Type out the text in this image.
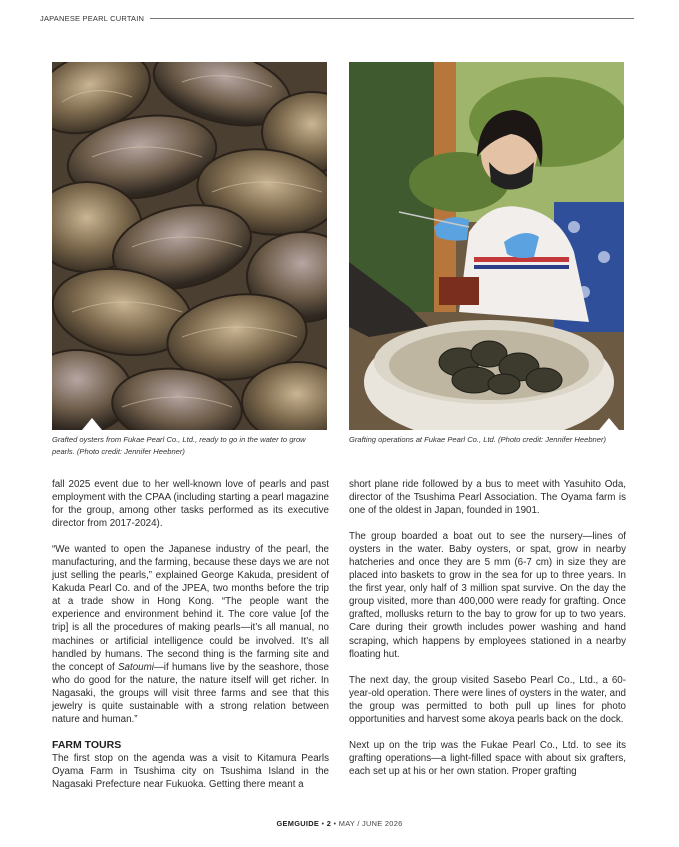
JAPANESE PEARL CURTAIN
Grafted oysters from Fukae Pearl Co., Ltd., ready to go in the water to grow pearls. (Photo credit: Jennifer Heebner)
Grafting operations at Fukae Pearl Co., Ltd. (Photo credit: Jennifer Heebner)

fall 2025 event due to her well-known love of pearls and past employment with the CPAA (including starting a pearl magazine for the group, among other tasks performed as its executive director from 2017-2024).

“We wanted to open the Japanese industry of the pearl, the manufacturing, and the farming, because these days we are not just selling the pearls,” explained George Kakuda, president of Kakuda Pearl Co. and of the JPEA, two months before the trip at a trade show in Hong Kong. “The people want the experience and environment behind it. The core value [of the trip] is all the procedures of making pearls—it’s all manual, no machines or artificial intelligence could be involved. It’s all handled by humans. The second thing is the farming site and the concept of Satoumi—if humans live by the seashore, those who do good for the nature, the nature itself will get richer. In Nagasaki, the groups will visit three farms and see that this jewelry is quite sustainable with a strong relation between nature and human.”

FARM TOURS

The first stop on the agenda was a visit to Kitamura Pearls Oyama Farm in Tsushima city on Tsushima Island in the Nagasaki Prefecture near Fukuoka. Getting there meant a

short plane ride followed by a bus to meet with Yasuhito Oda, director of the Tsushima Pearl Association. The Oyama farm is one of the oldest in Japan, founded in 1901.

The group boarded a boat out to see the nursery—lines of oysters in the water. Baby oysters, or spat, grow in nearby hatcheries and once they are 5 mm (6-7 cm) in size they are placed into baskets to grow in the sea for up to three years. In the first year, only half of 3 million spat survive. On the day the group visited, more than 400,000 were ready for grafting. Once grafted, mollusks return to the bay to grow for up to two years. Care during their growth includes power washing and hand scraping, which happens by employees stationed in a nearby floating hut.

The next day, the group visited Sasebo Pearl Co., Ltd., a 60-year-old operation. There were lines of oysters in the water, and the group was permitted to both pull up lines for photo opportunities and harvest some akoya pearls back on the dock.

Next up on the trip was the Fukae Pearl Co., Ltd. to see its grafting operations—a light-filled space with about six grafters, each set up at his or her own station. Proper grafting

GEMGUIDE • 2 • MAY / JUNE 2026
